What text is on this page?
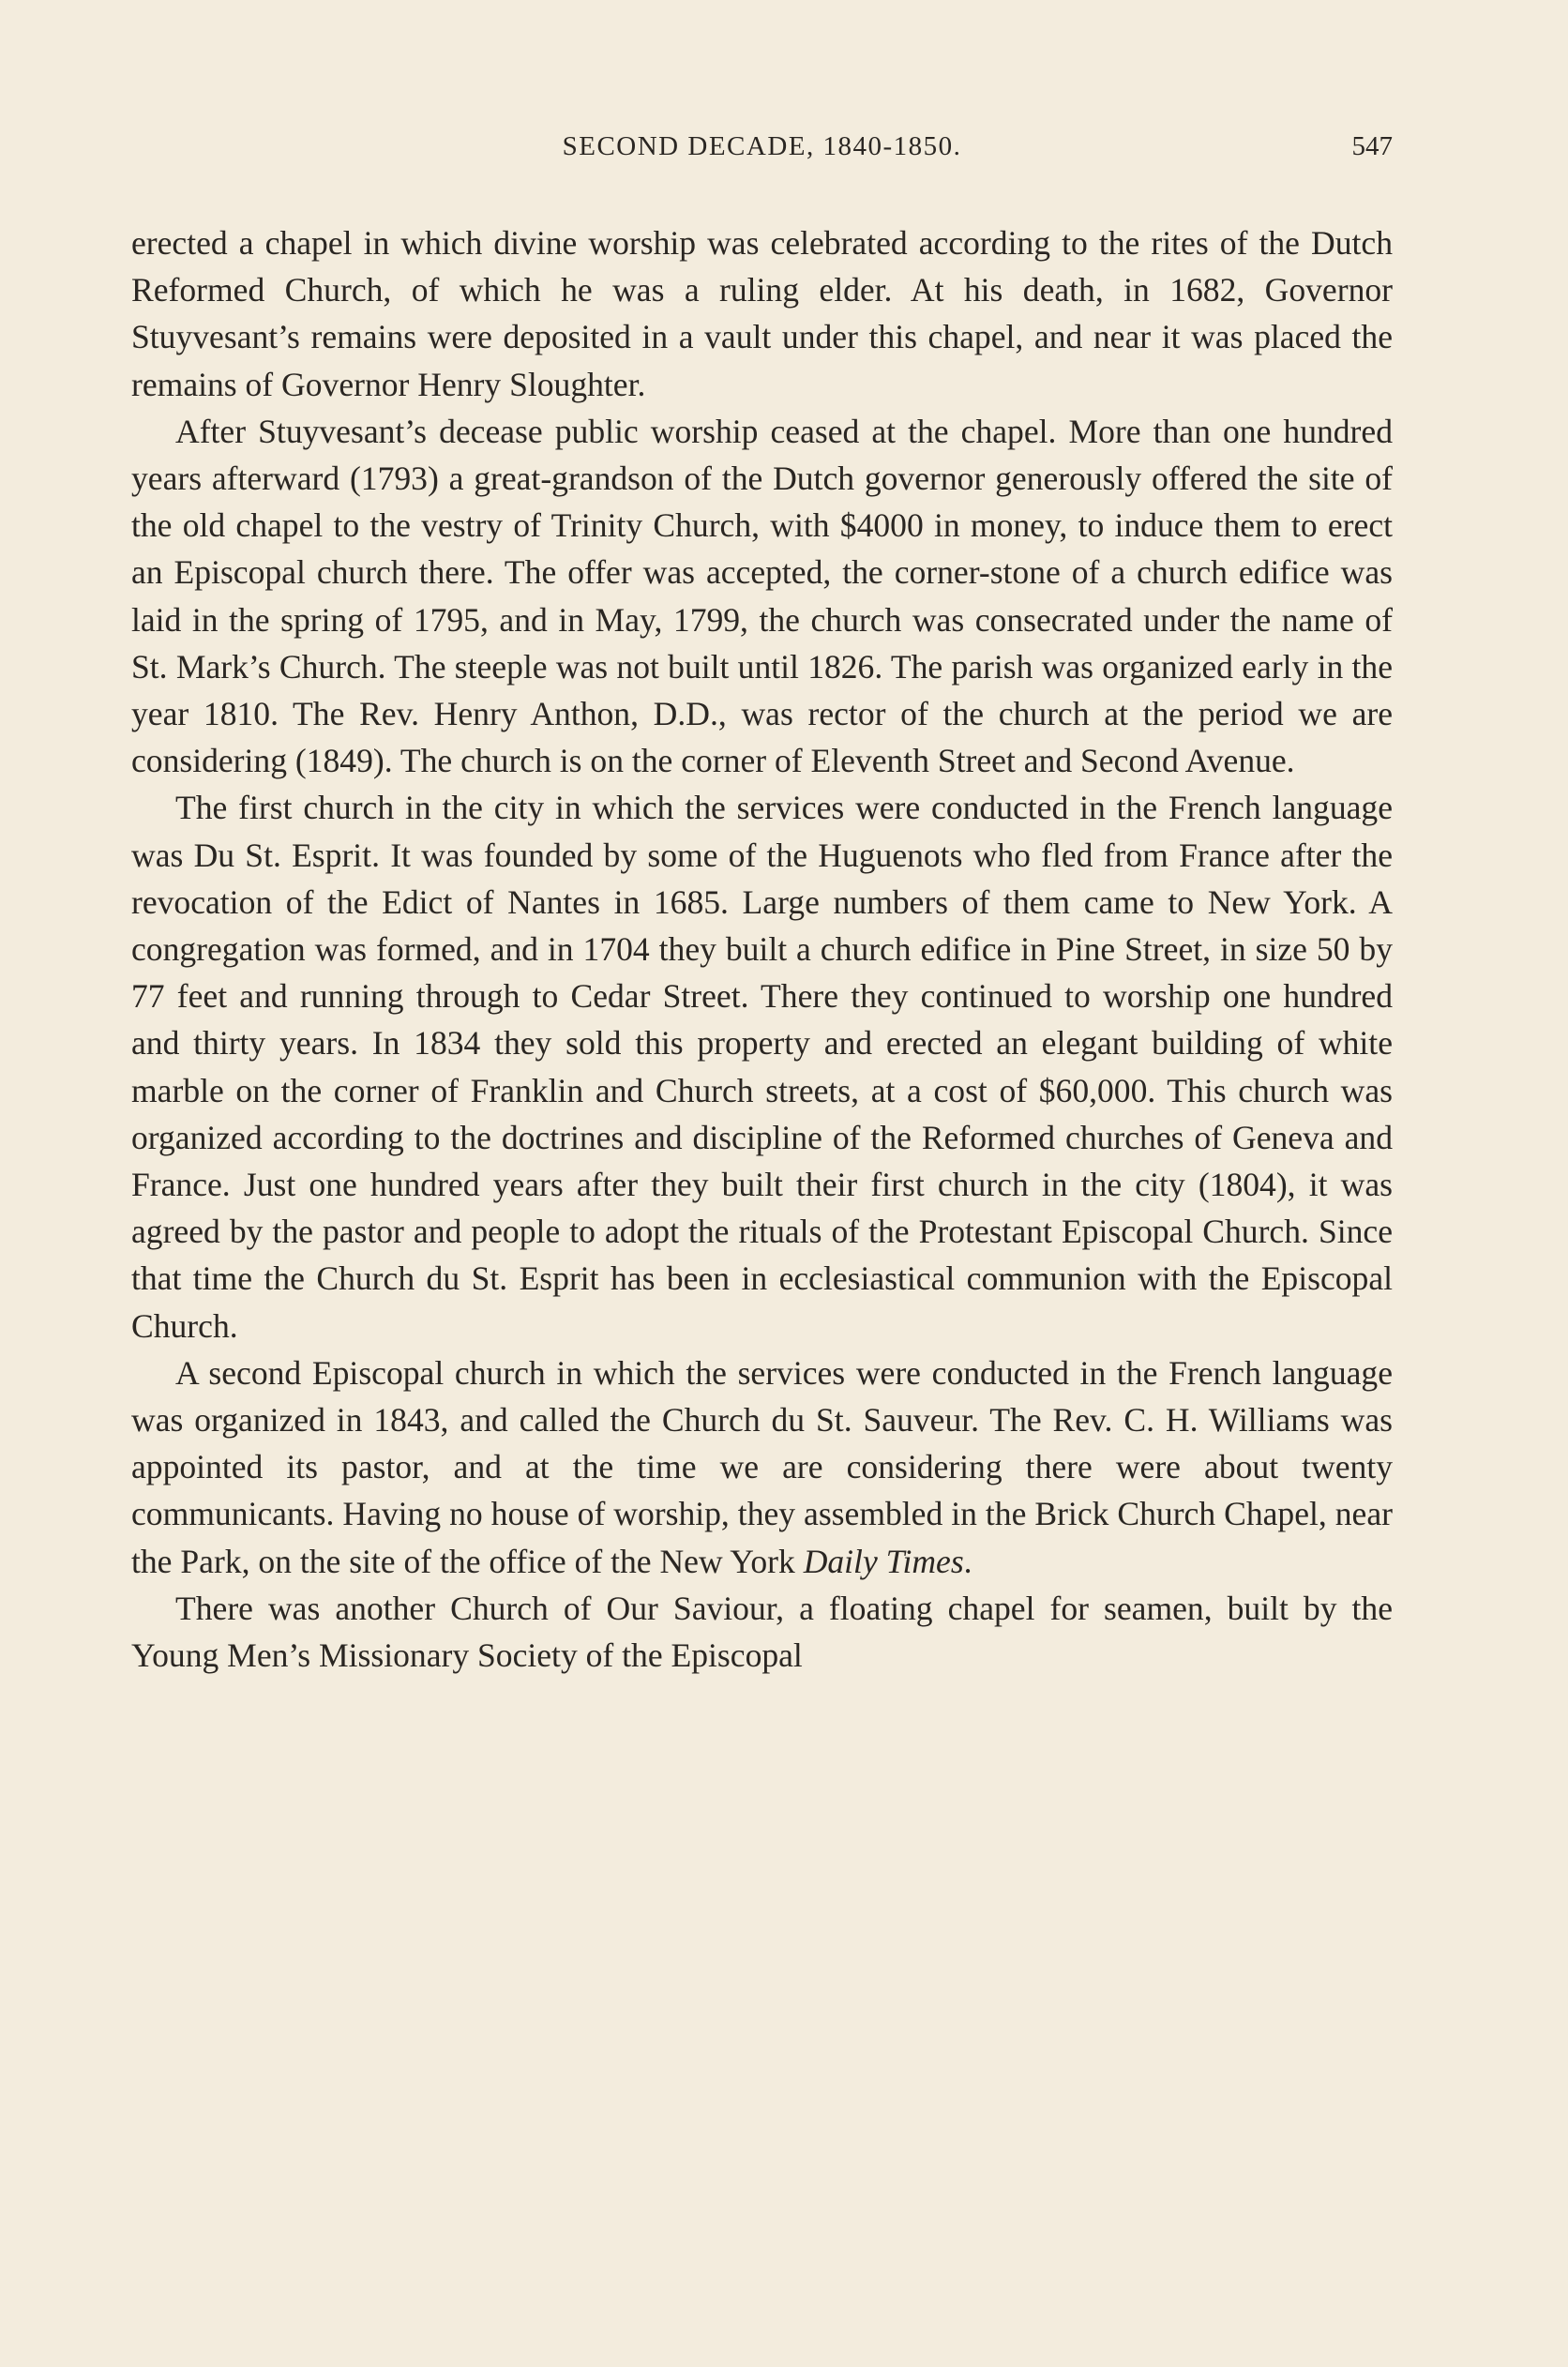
SECOND DECADE, 1840-1850.	547

erected a chapel in which divine worship was celebrated according to the rites of the Dutch Reformed Church, of which he was a ruling elder. At his death, in 1682, Governor Stuyvesant’s remains were deposited in a vault under this chapel, and near it was placed the remains of Governor Henry Sloughter.

After Stuyvesant’s decease public worship ceased at the chapel. More than one hundred years afterward (1793) a great-grandson of the Dutch governor generously offered the site of the old chapel to the vestry of Trinity Church, with $4000 in money, to induce them to erect an Episcopal church there. The offer was accepted, the corner-stone of a church edifice was laid in the spring of 1795, and in May, 1799, the church was consecrated under the name of St. Mark’s Church. The steeple was not built until 1826. The parish was organized early in the year 1810. The Rev. Henry Anthon, D.D., was rector of the church at the period we are considering (1849). The church is on the corner of Eleventh Street and Second Avenue.

The first church in the city in which the services were conducted in the French language was Du St. Esprit. It was founded by some of the Huguenots who fled from France after the revocation of the Edict of Nantes in 1685. Large numbers of them came to New York. A congregation was formed, and in 1704 they built a church edifice in Pine Street, in size 50 by 77 feet and running through to Cedar Street. There they continued to worship one hundred and thirty years. In 1834 they sold this property and erected an elegant building of white marble on the corner of Franklin and Church streets, at a cost of $60,000. This church was organized according to the doctrines and discipline of the Reformed churches of Geneva and France. Just one hundred years after they built their first church in the city (1804), it was agreed by the pastor and people to adopt the rituals of the Protestant Episcopal Church. Since that time the Church du St. Esprit has been in ecclesiastical communion with the Episcopal Church.

A second Episcopal church in which the services were conducted in the French language was organized in 1843, and called the Church du St. Sauveur. The Rev. C. H. Williams was appointed its pastor, and at the time we are considering there were about twenty communicants. Having no house of worship, they assembled in the Brick Church Chapel, near the Park, on the site of the office of the New York Daily Times.

There was another Church of Our Saviour, a floating chapel for seamen, built by the Young Men’s Missionary Society of the Episcopal
